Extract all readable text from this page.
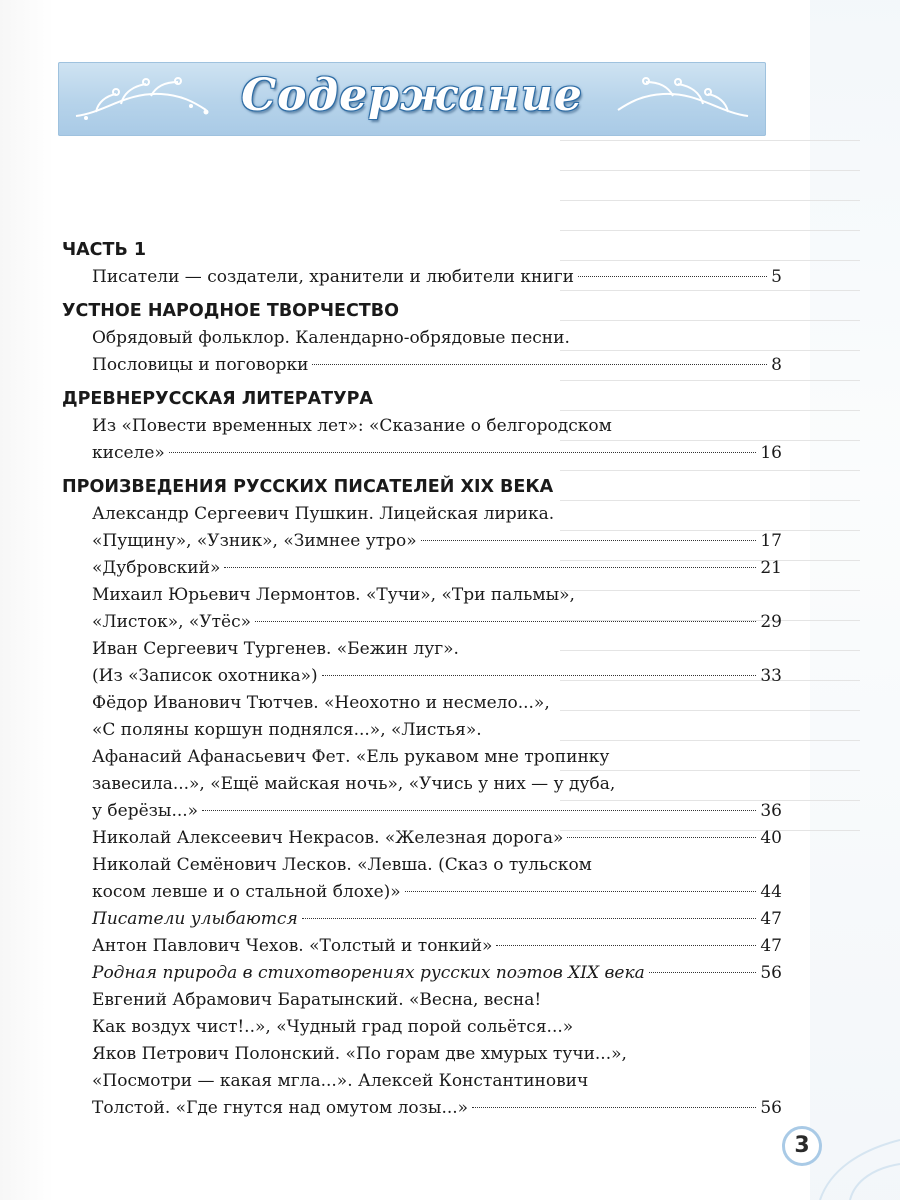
Содержание
ЧАСТЬ 1
Писатели — создатели, хранители и любители книги	5
УСТНОЕ НАРОДНОЕ ТВОРЧЕСТВО
Обрядовый фольклор. Календарно-обрядовые песни.
Пословицы и поговорки	8
ДРЕВНЕРУССКАЯ ЛИТЕРАТУРА
Из «Повести временных лет»: «Сказание о белгородском
киселе»	16
ПРОИЗВЕДЕНИЯ РУССКИХ ПИСАТЕЛЕЙ XIX ВЕКА
Александр Сергеевич Пушкин. Лицейская лирика.
«Пущину», «Узник», «Зимнее утро»	17
«Дубровский»	21
Михаил Юрьевич Лермонтов. «Тучи», «Три пальмы»,
«Листок», «Утёс»	29
Иван Сергеевич Тургенев. «Бежин луг».
(Из «Записок охотника»)	33
Фёдор Иванович Тютчев. «Неохотно и несмело...»,
«С поляны коршун поднялся...», «Листья».
Афанасий Афанасьевич Фет. «Ель рукавом мне тропинку
завесила...», «Ещё майская ночь», «Учись у них — у дуба,
у берёзы...»	36
Николай Алексеевич Некрасов. «Железная дорога»	40
Николай Семёнович Лесков. «Левша. (Сказ о тульском
косом левше и о стальной блохе)»	44
Писатели улыбаются	47
Антон Павлович Чехов. «Толстый и тонкий»	47
Родная природа в стихотворениях русских поэтов XIX века	56
Евгений Абрамович Баратынский. «Весна, весна!
Как воздух чист!..», «Чудный град порой сольётся...»
Яков Петрович Полонский. «По горам две хмурых тучи...»,
«Посмотри — какая мгла...». Алексей Константинович
Толстой. «Где гнутся над омутом лозы...»	56
3
